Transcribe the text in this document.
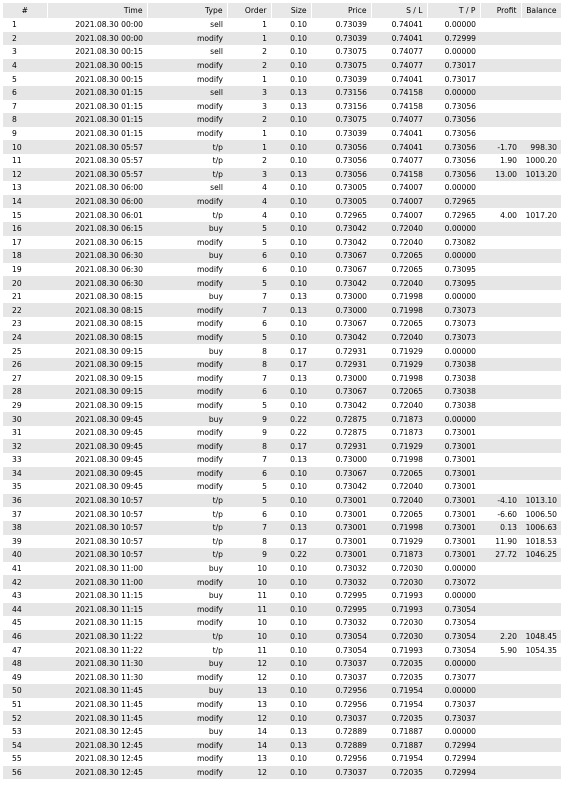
#	Time	Type	Order	Size	Price	S / L	T / P	Profit	Balance
1	2021.08.30 00:00	sell	1	0.10	0.73039	0.74041	0.00000		
2	2021.08.30 00:00	modify	1	0.10	0.73039	0.74041	0.72999		
3	2021.08.30 00:15	sell	2	0.10	0.73075	0.74077	0.00000		
4	2021.08.30 00:15	modify	2	0.10	0.73075	0.74077	0.73017		
5	2021.08.30 00:15	modify	1	0.10	0.73039	0.74041	0.73017		
6	2021.08.30 01:15	sell	3	0.13	0.73156	0.74158	0.00000		
7	2021.08.30 01:15	modify	3	0.13	0.73156	0.74158	0.73056		
8	2021.08.30 01:15	modify	2	0.10	0.73075	0.74077	0.73056		
9	2021.08.30 01:15	modify	1	0.10	0.73039	0.74041	0.73056		
10	2021.08.30 05:57	t/p	1	0.10	0.73056	0.74041	0.73056	-1.70	998.30
11	2021.08.30 05:57	t/p	2	0.10	0.73056	0.74077	0.73056	1.90	1000.20
12	2021.08.30 05:57	t/p	3	0.13	0.73056	0.74158	0.73056	13.00	1013.20
13	2021.08.30 06:00	sell	4	0.10	0.73005	0.74007	0.00000		
14	2021.08.30 06:00	modify	4	0.10	0.73005	0.74007	0.72965		
15	2021.08.30 06:01	t/p	4	0.10	0.72965	0.74007	0.72965	4.00	1017.20
16	2021.08.30 06:15	buy	5	0.10	0.73042	0.72040	0.00000		
17	2021.08.30 06:15	modify	5	0.10	0.73042	0.72040	0.73082		
18	2021.08.30 06:30	buy	6	0.10	0.73067	0.72065	0.00000		
19	2021.08.30 06:30	modify	6	0.10	0.73067	0.72065	0.73095		
20	2021.08.30 06:30	modify	5	0.10	0.73042	0.72040	0.73095		
21	2021.08.30 08:15	buy	7	0.13	0.73000	0.71998	0.00000		
22	2021.08.30 08:15	modify	7	0.13	0.73000	0.71998	0.73073		
23	2021.08.30 08:15	modify	6	0.10	0.73067	0.72065	0.73073		
24	2021.08.30 08:15	modify	5	0.10	0.73042	0.72040	0.73073		
25	2021.08.30 09:15	buy	8	0.17	0.72931	0.71929	0.00000		
26	2021.08.30 09:15	modify	8	0.17	0.72931	0.71929	0.73038		
27	2021.08.30 09:15	modify	7	0.13	0.73000	0.71998	0.73038		
28	2021.08.30 09:15	modify	6	0.10	0.73067	0.72065	0.73038		
29	2021.08.30 09:15	modify	5	0.10	0.73042	0.72040	0.73038		
30	2021.08.30 09:45	buy	9	0.22	0.72875	0.71873	0.00000		
31	2021.08.30 09:45	modify	9	0.22	0.72875	0.71873	0.73001		
32	2021.08.30 09:45	modify	8	0.17	0.72931	0.71929	0.73001		
33	2021.08.30 09:45	modify	7	0.13	0.73000	0.71998	0.73001		
34	2021.08.30 09:45	modify	6	0.10	0.73067	0.72065	0.73001		
35	2021.08.30 09:45	modify	5	0.10	0.73042	0.72040	0.73001		
36	2021.08.30 10:57	t/p	5	0.10	0.73001	0.72040	0.73001	-4.10	1013.10
37	2021.08.30 10:57	t/p	6	0.10	0.73001	0.72065	0.73001	-6.60	1006.50
38	2021.08.30 10:57	t/p	7	0.13	0.73001	0.71998	0.73001	0.13	1006.63
39	2021.08.30 10:57	t/p	8	0.17	0.73001	0.71929	0.73001	11.90	1018.53
40	2021.08.30 10:57	t/p	9	0.22	0.73001	0.71873	0.73001	27.72	1046.25
41	2021.08.30 11:00	buy	10	0.10	0.73032	0.72030	0.00000		
42	2021.08.30 11:00	modify	10	0.10	0.73032	0.72030	0.73072		
43	2021.08.30 11:15	buy	11	0.10	0.72995	0.71993	0.00000		
44	2021.08.30 11:15	modify	11	0.10	0.72995	0.71993	0.73054		
45	2021.08.30 11:15	modify	10	0.10	0.73032	0.72030	0.73054		
46	2021.08.30 11:22	t/p	10	0.10	0.73054	0.72030	0.73054	2.20	1048.45
47	2021.08.30 11:22	t/p	11	0.10	0.73054	0.71993	0.73054	5.90	1054.35
48	2021.08.30 11:30	buy	12	0.10	0.73037	0.72035	0.00000		
49	2021.08.30 11:30	modify	12	0.10	0.73037	0.72035	0.73077		
50	2021.08.30 11:45	buy	13	0.10	0.72956	0.71954	0.00000		
51	2021.08.30 11:45	modify	13	0.10	0.72956	0.71954	0.73037		
52	2021.08.30 11:45	modify	12	0.10	0.73037	0.72035	0.73037		
53	2021.08.30 12:45	buy	14	0.13	0.72889	0.71887	0.00000		
54	2021.08.30 12:45	modify	14	0.13	0.72889	0.71887	0.72994		
55	2021.08.30 12:45	modify	13	0.10	0.72956	0.71954	0.72994		
56	2021.08.30 12:45	modify	12	0.10	0.73037	0.72035	0.72994		
